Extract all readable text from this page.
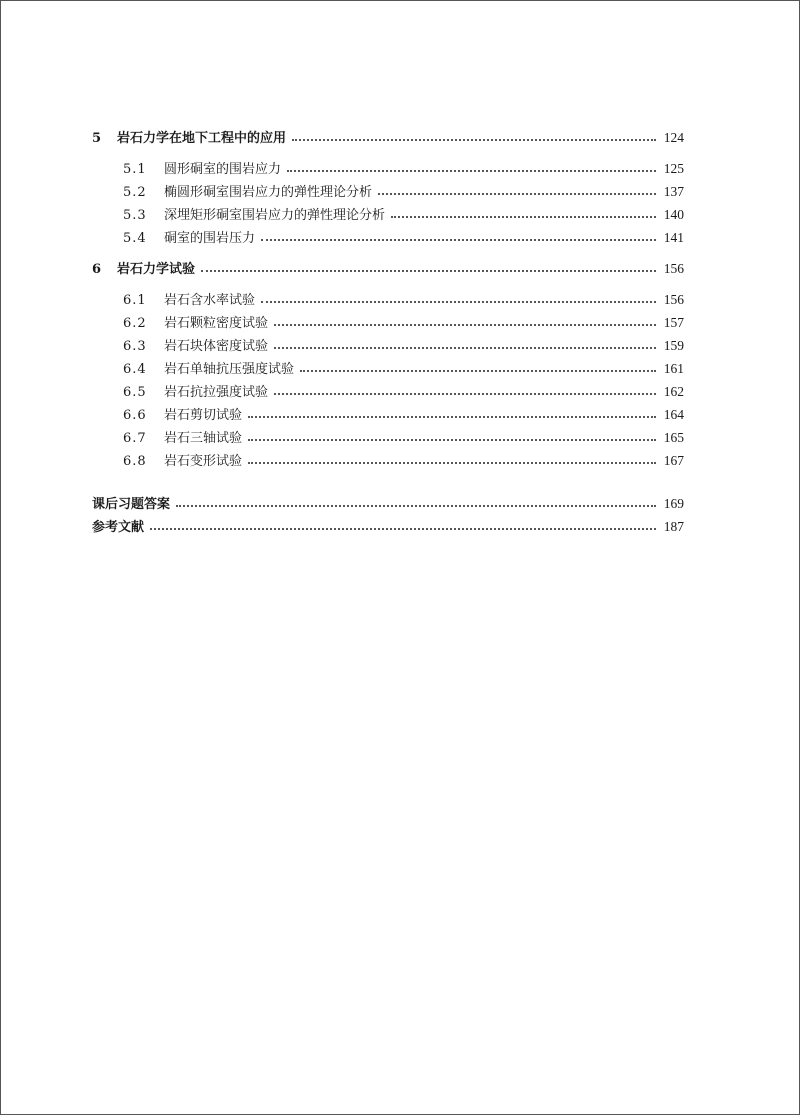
5	岩石力学在地下工程中的应用	124
5.1	圆形硐室的围岩应力	125
5.2	椭圆形硐室围岩应力的弹性理论分析	137
5.3	深埋矩形硐室围岩应力的弹性理论分析	140
5.4	硐室的围岩压力	141
6	岩石力学试验	156
6.1	岩石含水率试验	156
6.2	岩石颗粒密度试验	157
6.3	岩石块体密度试验	159
6.4	岩石单轴抗压强度试验	161
6.5	岩石抗拉强度试验	162
6.6	岩石剪切试验	164
6.7	岩石三轴试验	165
6.8	岩石变形试验	167
课后习题答案	169
参考文献	187
